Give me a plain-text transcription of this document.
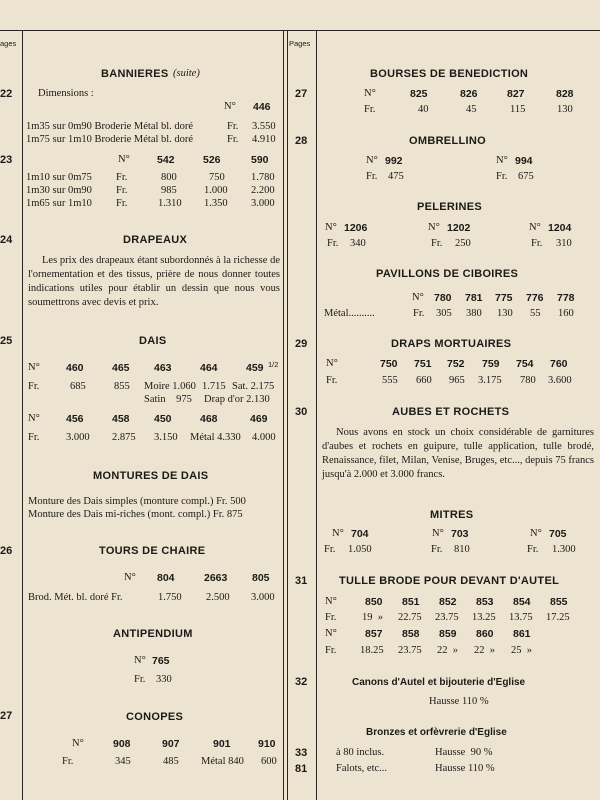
ages	Pages
BANNIERES (suite)
22 Dimensions :
N° 446
1m35 sur 0m90 Broderie Métal bl. doré	Fr. 3.550
1m75 sur 1m10 Broderie Métal bl. doré	Fr. 4.910
23	N°	542	526	590
1m10 sur 0m75 Fr.	800	750	1.780
1m30 sur 0m90 Fr.	985	1.000 2.200
1m65 sur 1m10 Fr.	1.310 1.350 3.000
24	DRAPEAUX
Les prix des drapeaux étant subordonnés à la richesse de l'ornementation et des tissus, prière de nous donner toutes indications utiles pour établir un dessin que nous vous soumettrons avec devis et prix.
25	DAIS
N° 460	465 463	464	459 1/2
Fr.	685	855 Moire 1.060 1.715 Sat. 2.175
Satin    975 Drap d'or 2.130
N° 456	458 450	468	469
Fr.	3.000 2.875 3.150 Métal 4.330 4.000
MONTURES DE DAIS
Monture des Dais simples (monture compl.) Fr. 500
Monture des Dais mi-riches (mont. compl.) Fr. 875
26	TOURS DE CHAIRE
N° 804	2663 805
Brod. Mét. bl. doré Fr.	1.750 2.500 3.000
ANTIPENDIUM
N° 765
Fr. 330
27	CONOPES
N°	908	907	901	910
Fr.	345	485 Métal 840 600
BOURSES DE BENEDICTION
27	N°	825	826	827	828
Fr.	40	45	115	130
28	OMBRELLINO
N° 992
Fr. 475
N° 994
Fr. 675
PELERINES
N° 1206
Fr. 340
N° 1202
Fr. 250
N° 1204
Fr. 310
PAVILLONS DE CIBOIRES
N° 780 781 775 776 778
Métal..........	Fr. 305 380 130 55 160
29	DRAPS MORTUAIRES
N°	750 751 752 759 754 760
Fr.	555 660 965 3.175 780 3.600
30	AUBES ET ROCHETS
Nous avons en stock un choix considérable de garnitures d'aubes et rochets en guipure, tulle application, tulle brodé, Renaissance, filet, Milan, Venise, Bruges, etc..., depuis 75 francs jusqu'à 2.000 et 3.000 francs.
MITRES
N° 704
Fr. 1.050
N° 703
Fr. 810
N° 705
Fr. 1.300
31	TULLE BRODE POUR DEVANT D'AUTEL
N°	850 851 852 853 854 855
Fr. 19  » 22.75 23.75 13.25 13.75 17.25
N°	857 858 859 860 861
Fr. 18.25 23.75 22  » 22  » 25  »
32	Canons d'Autel et bijouterie d'Eglise
Hausse 110 %
Bronzes et orfèvrerie d'Eglise
33	à 80 inclus.	Hausse  90 %
81	Falots, etc...	Hausse 110 %
